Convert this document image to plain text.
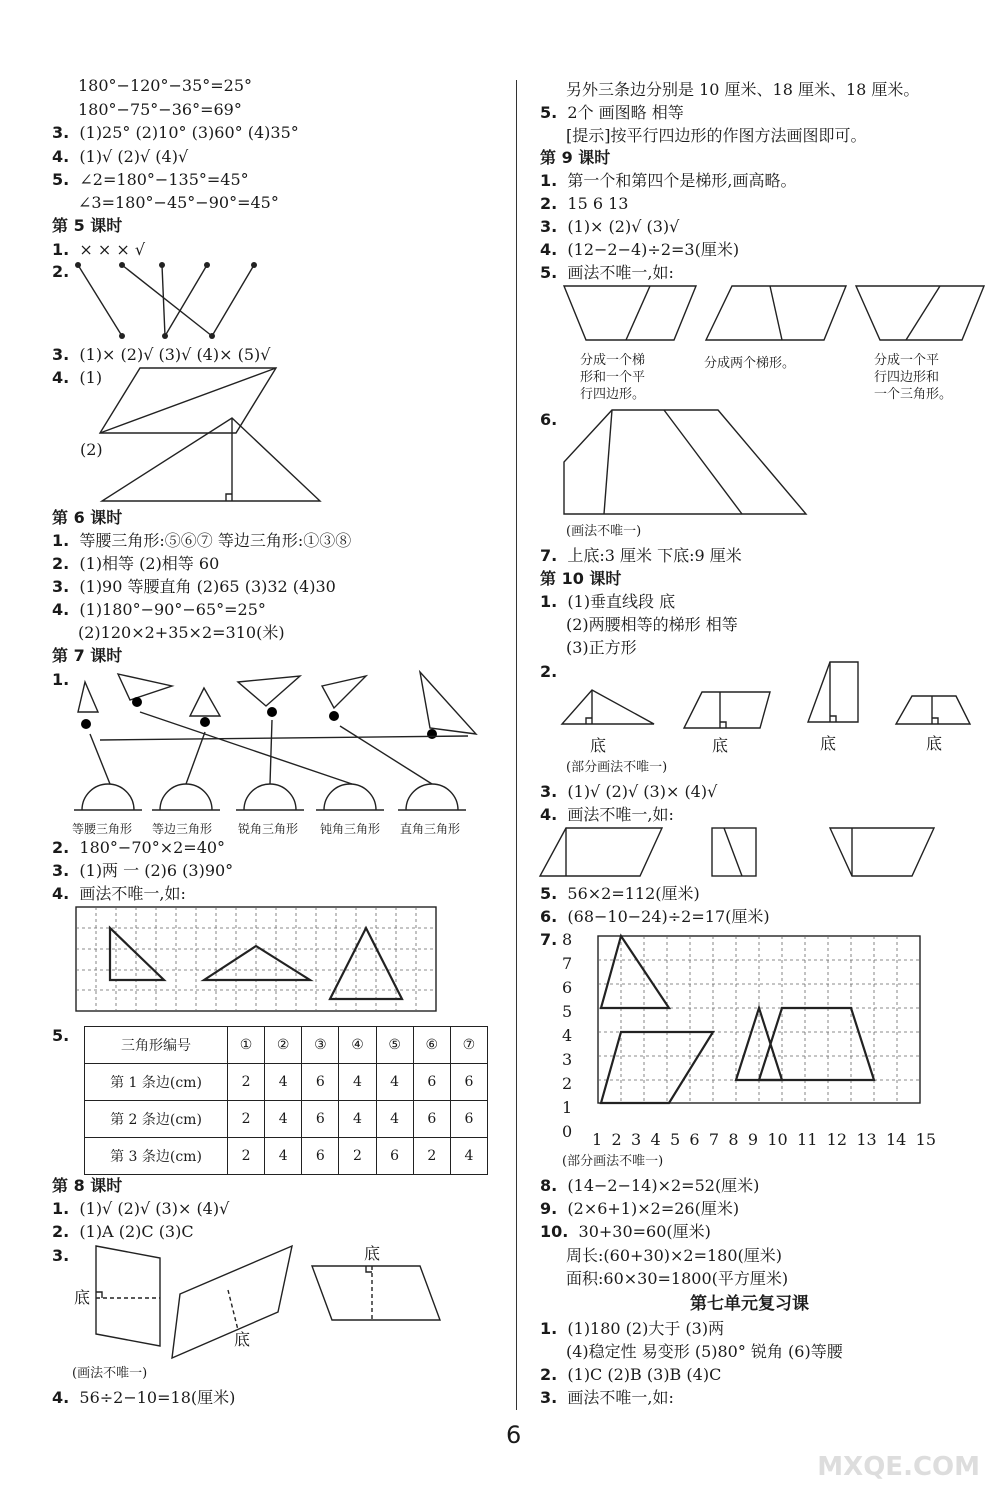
180°−120°−35°=25°
180°−75°−36°=69°
3. (1)25° (2)10° (3)60° (4)35°
4. (1)√ (2)√ (4)√
5. ∠2=180°−135°=45°
∠3=180°−45°−90°=45°
第 5 课时
1. × × × √
2.
3. (1)× (2)√ (3)√ (4)× (5)√
4. (1)
(2)
第 6 课时
1. 等腰三角形:⑤⑥⑦ 等边三角形:①③⑧
2. (1)相等 (2)相等 60
3. (1)90 等腰直角 (2)65 (3)32 (4)30
4. (1)180°−90°−65°=25°
(2)120×2+35×2=310(米)
第 7 课时
1.
等腰三角形 等边三角形 锐角三角形 钝角三角形 直角三角形
2. 180°−70°×2=40°
3. (1)两 一 (2)6 (3)90°
4. 画法不唯一,如:
5.
三角形编号	①	②	③	④	⑤	⑥	⑦
第 1 条边(cm)	2	4	6	4	4	6	6
第 2 条边(cm)	2	4	6	4	4	6	6
第 3 条边(cm)	2	4	6	2	6	2	4
第 8 课时
1. (1)√ (2)√ (3)× (4)√
2. (1)A (2)C (3)C
3.
底
底
底
(画法不唯一)
4. 56÷2−10=18(厘米)
另外三条边分别是 10 厘米、18 厘米、18 厘米。
5. 2个 画图略 相等
[提示]按平行四边形的作图方法画图即可。
第 9 课时
1. 第一个和第四个是梯形,画高略。
2. 15 6 13
3. (1)× (2)√ (3)√
4. (12−2−4)÷2=3(厘米)
5. 画法不唯一,如:
分成一个梯
形和一个平
行四边形。
分成两个梯形。	分成一个平
行四边形和
一个三角形。
6.
(画法不唯一)
7. 上底:3 厘米 下底:9 厘米
第 10 课时
1. (1)垂直线段 底
(2)两腰相等的梯形 相等
(3)正方形
2.
底	底	底	底
(部分画法不唯一)
3. (1)√ (2)√ (3)× (4)√
4. 画法不唯一,如:
5. 56×2=112(厘米)
6. (68−10−24)÷2=17(厘米)
7. 8
7
6
5
4
3
2
1
0 1 2 3 4 5 6 7 8 9 10 11 12 13 14 15
(部分画法不唯一)
8. (14−2−14)×2=52(厘米)
9. (2×6+1)×2=26(厘米)
10. 30+30=60(厘米)
周长:(60+30)×2=180(厘米)
面积:60×30=1800(平方厘米)
第七单元复习课
1. (1)180 (2)大于 (3)两
(4)稳定性 易变形 (5)80° 锐角 (6)等腰
2. (1)C (2)B (3)B (4)C
3. 画法不唯一,如:
6
MXQE.COM
